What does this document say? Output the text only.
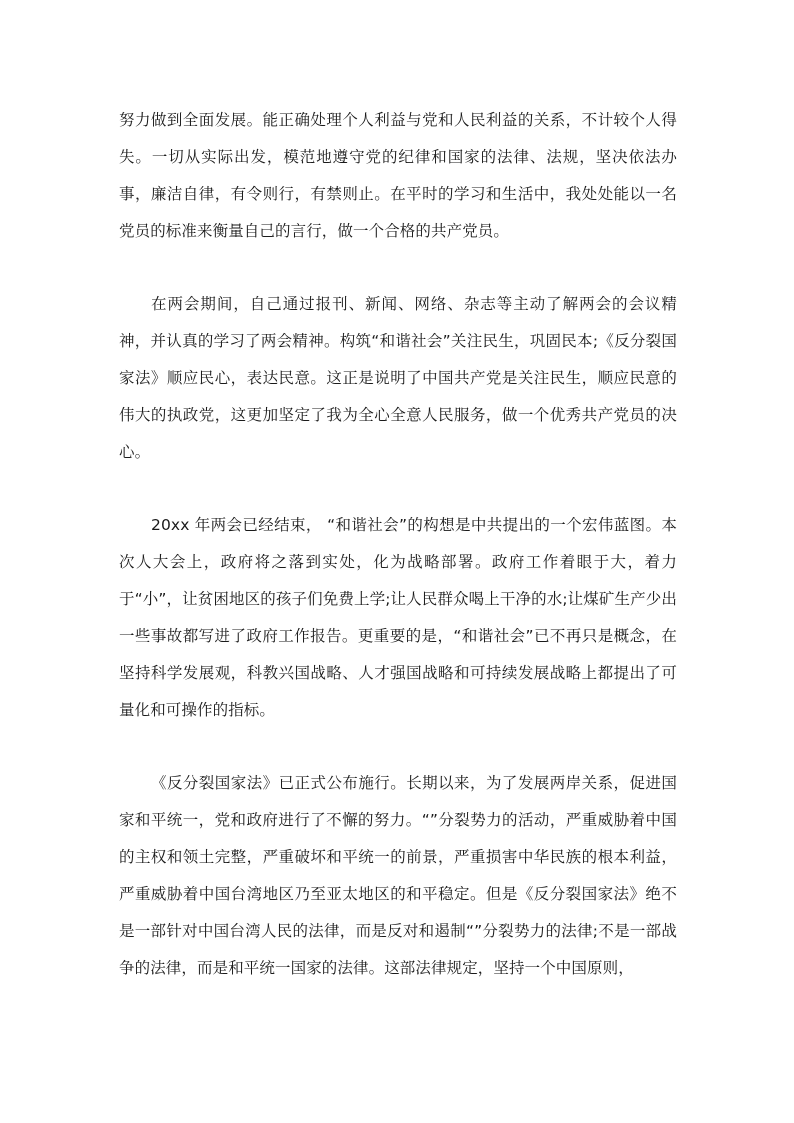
努力做到全面发展。能正确处理个人利益与党和人民利益的关系，不计较个人得失。一切从实际出发，模范地遵守党的纪律和国家的法律、法规，坚决依法办事，廉洁自律，有令则行，有禁则止。在平时的学习和生活中，我处处能以一名党员的标准来衡量自己的言行，做一个合格的共产党员。

在两会期间，自己通过报刊、新闻、网络、杂志等主动了解两会的会议精神，并认真的学习了两会精神。构筑“和谐社会”关注民生，巩固民本;《反分裂国家法》顺应民心，表达民意。这正是说明了中国共产党是关注民生，顺应民意的伟大的执政党，这更加坚定了我为全心全意人民服务，做一个优秀共产党员的决心。

20xx 年两会已经结束， “和谐社会”的构想是中共提出的一个宏伟蓝图。本次人大会上，政府将之落到实处，化为战略部署。政府工作着眼于大，着力于“小”，让贫困地区的孩子们免费上学;让人民群众喝上干净的水;让煤矿生产少出一些事故都写进了政府工作报告。更重要的是，“和谐社会”已不再只是概念，在坚持科学发展观，科教兴国战略、人才强国战略和可持续发展战略上都提出了可量化和可操作的指标。

《反分裂国家法》已正式公布施行。长期以来，为了发展两岸关系，促进国家和平统一，党和政府进行了不懈的努力。“”分裂势力的活动，严重威胁着中国的主权和领土完整，严重破坏和平统一的前景，严重损害中华民族的根本利益，严重威胁着中国台湾地区乃至亚太地区的和平稳定。但是《反分裂国家法》绝不是一部针对中国台湾人民的法律，而是反对和遏制“”分裂势力的法律;不是一部战争的法律，而是和平统一国家的法律。这部法律规定，坚持一个中国原则，
